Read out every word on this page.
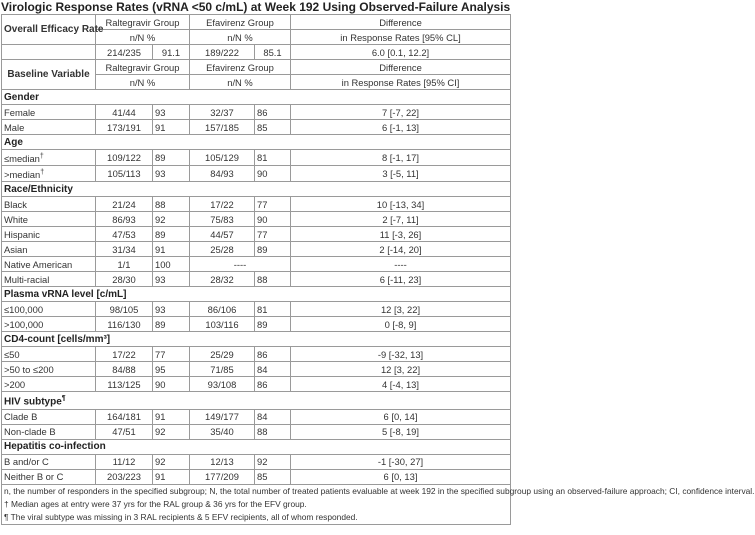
Virologic Response Rates (vRNA <50 c/mL) at Week 192 Using Observed-Failure Analysis
Overall Efficacy Rate	Raltegravir Group		Efavirenz Group		Difference
	n/N %		n/N %		in Response Rates [95% CL]
	214/235	91.1	189/222	85.1	6.0 [0.1, 12.2]
Baseline Variable	Raltegravir Group		Efavirenz Group		Difference
	n/N %		n/N %		in Response Rates [95% CI]
Gender					
Female	41/44	93	32/37	86	7 [-7, 22]
Male	173/191	91	157/185	85	6 [-1, 13]
Age					
≤median†	109/122	89	105/129	81	8 [-1, 17]
>median†	105/113	93	84/93	90	3 [-5, 11]
Race/Ethnicity					
Black	21/24	88	17/22	77	10 [-13, 34]
White	86/93	92	75/83	90	2 [-7, 11]
Hispanic	47/53	89	44/57	77	11 [-3, 26]
Asian	31/34	91	25/28	89	2 [-14, 20]
Native American	1/1	100	----		----
Multi-racial	28/30	93	28/32	88	6 [-11, 23]
Plasma vRNA level [c/mL]					
≤100,000	98/105	93	86/106	81	12 [3, 22]
>100,000	116/130	89	103/116	89	0 [-8, 9]
CD4-count [cells/mm³]					
≤50	17/22	77	25/29	86	-9 [-32, 13]
>50 to ≤200	84/88	95	71/85	84	12 [3, 22]
>200	113/125	90	93/108	86	4 [-4, 13]
HIV subtype¶
Clade B	164/181	91	149/177	84	6 [0, 14]
Non-clade B	47/51	92	35/40	88	5 [-8, 19]
Hepatitis co-infection					
B and/or C	11/12	92	12/13	92	-1 [-30, 27]
Neither B or C	203/223	91	177/209	85	6 [0, 13]

n, the number of responders in the specified subgroup; N, the total number of treated patients evaluable at week 192 in the specified subgroup using an observed-failure approach; CI, confidence interval.

† Median ages at entry were 37 yrs for the RAL group & 36 yrs for the EFV group.

¶ The viral subtype was missing in 3 RAL recipients & 5 EFV recipients, all of whom responded.					
